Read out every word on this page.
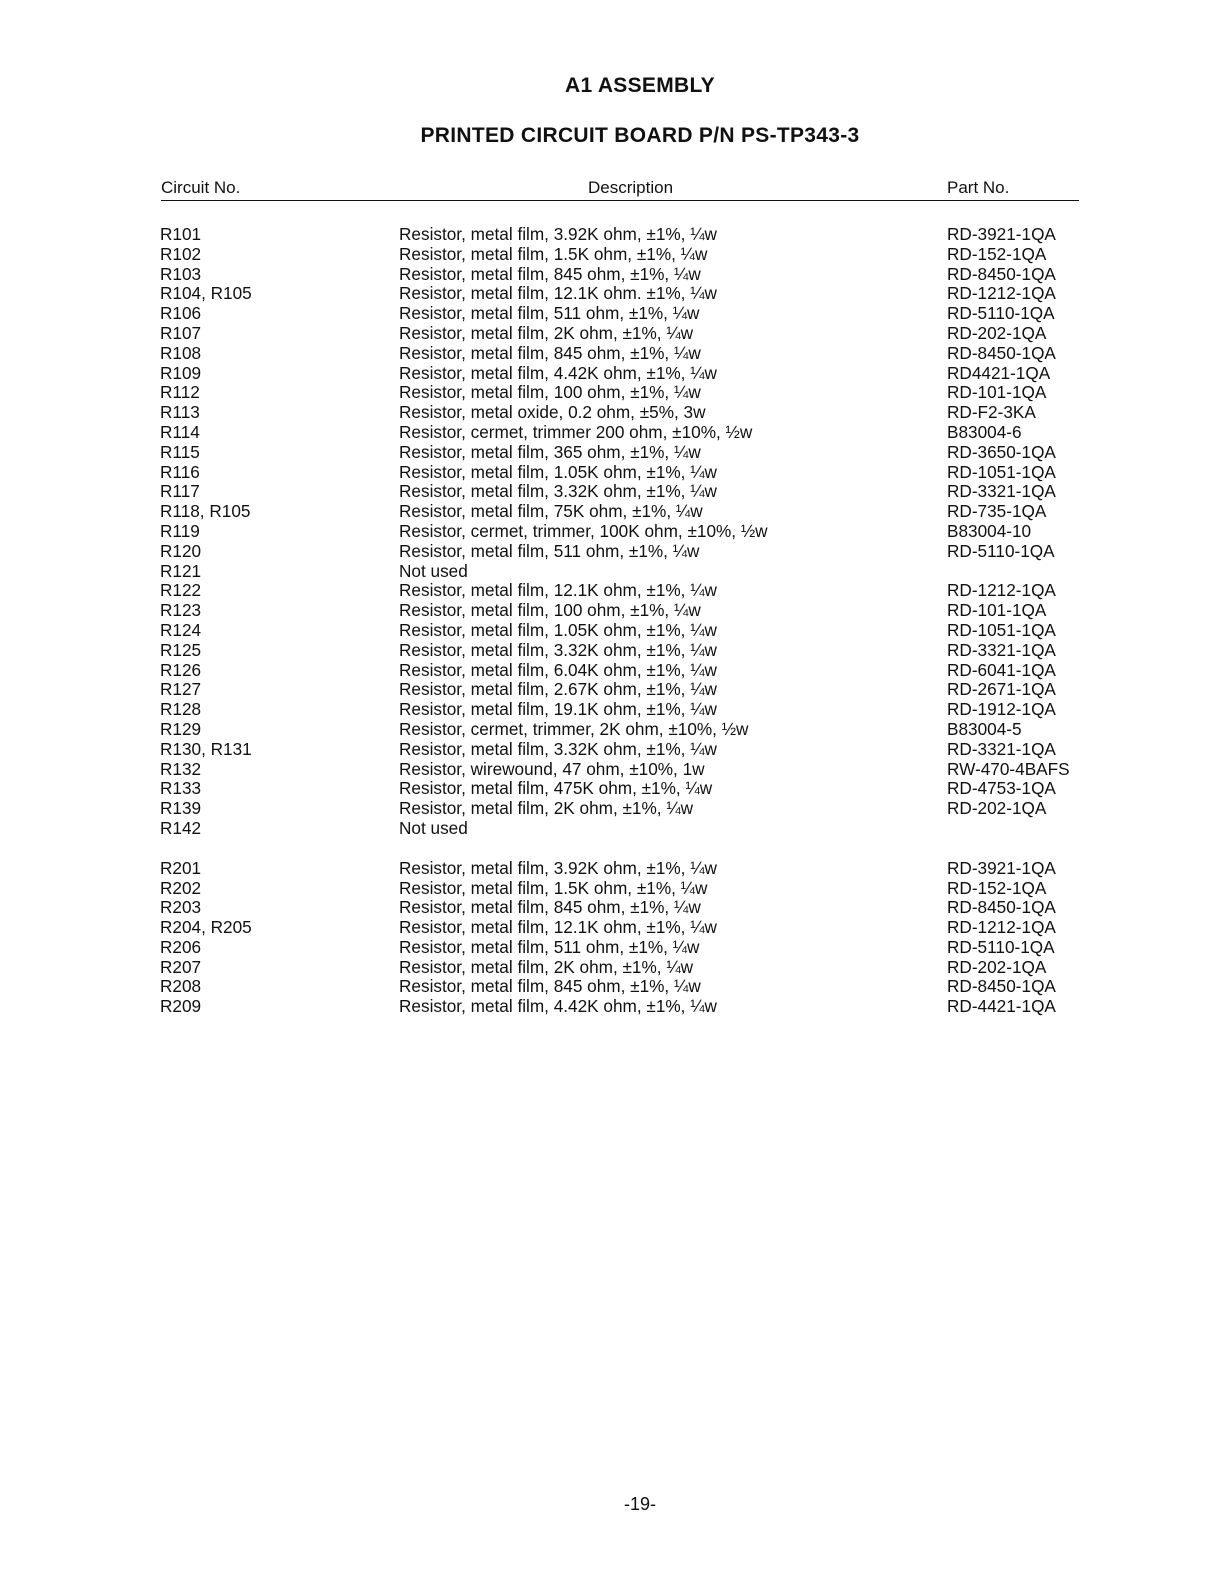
A1 ASSEMBLY
PRINTED CIRCUIT BOARD P/N PS-TP343-3
Circuit No.	Description	Part No.
R101	Resistor, metal film, 3.92K ohm, ±1%, ¼w	RD-3921-1QA
R102	Resistor, metal film, 1.5K ohm, ±1%, ¼w	RD-152-1QA
R103	Resistor, metal film, 845 ohm, ±1%, ¼w	RD-8450-1QA
R104, R105	Resistor, metal film, 12.1K ohm. ±1%, ¼w	RD-1212-1QA
R106	Resistor, metal film, 511 ohm, ±1%, ¼w	RD-5110-1QA
R107	Resistor, metal film, 2K ohm, ±1%, ¼w	RD-202-1QA
R108	Resistor, metal film, 845 ohm, ±1%, ¼w	RD-8450-1QA
R109	Resistor, metal film, 4.42K ohm, ±1%, ¼w	RD4421-1QA
R112	Resistor, metal film, 100 ohm, ±1%, ¼w	RD-101-1QA
R113	Resistor, metal oxide, 0.2 ohm, ±5%, 3w	RD-F2-3KA
R114	Resistor, cermet, trimmer 200 ohm, ±10%, ½w	B83004-6
R115	Resistor, metal film, 365 ohm, ±1%, ¼w	RD-3650-1QA
R116	Resistor, metal film, 1.05K ohm, ±1%, ¼w	RD-1051-1QA
R117	Resistor, metal film, 3.32K ohm, ±1%, ¼w	RD-3321-1QA
R118, R105	Resistor, metal film, 75K ohm, ±1%, ¼w	RD-735-1QA
R119	Resistor, cermet, trimmer, 100K ohm, ±10%, ½w	B83004-10
R120	Resistor, metal film, 511 ohm, ±1%, ¼w	RD-5110-1QA
R121	Not used
R122	Resistor, metal film, 12.1K ohm, ±1%, ¼w	RD-1212-1QA
R123	Resistor, metal film, 100 ohm, ±1%, ¼w	RD-101-1QA
R124	Resistor, metal film, 1.05K ohm, ±1%, ¼w	RD-1051-1QA
R125	Resistor, metal film, 3.32K ohm, ±1%, ¼w	RD-3321-1QA
R126	Resistor, metal film, 6.04K ohm, ±1%, ¼w	RD-6041-1QA
R127	Resistor, metal film, 2.67K ohm, ±1%, ¼w	RD-2671-1QA
R128	Resistor, metal film, 19.1K ohm, ±1%, ¼w	RD-1912-1QA
R129	Resistor, cermet, trimmer, 2K ohm, ±10%, ½w	B83004-5
R130, R131	Resistor, metal film, 3.32K ohm, ±1%, ¼w	RD-3321-1QA
R132	Resistor, wirewound, 47 ohm, ±10%, 1w	RW-470-4BAFS
R133	Resistor, metal film, 475K ohm, ±1%, ¼w	RD-4753-1QA
R139	Resistor, metal film, 2K ohm, ±1%, ¼w	RD-202-1QA
R142	Not used
R201	Resistor, metal film, 3.92K ohm, ±1%, ¼w	RD-3921-1QA
R202	Resistor, metal film, 1.5K ohm, ±1%, ¼w	RD-152-1QA
R203	Resistor, metal film, 845 ohm, ±1%, ¼w	RD-8450-1QA
R204, R205	Resistor, metal film, 12.1K ohm, ±1%, ¼w	RD-1212-1QA
R206	Resistor, metal film, 511 ohm, ±1%, ¼w	RD-5110-1QA
R207	Resistor, metal film, 2K ohm, ±1%, ¼w	RD-202-1QA
R208	Resistor, metal film, 845 ohm, ±1%, ¼w	RD-8450-1QA
R209	Resistor, metal film, 4.42K ohm, ±1%, ¼w	RD-4421-1QA
-19-
